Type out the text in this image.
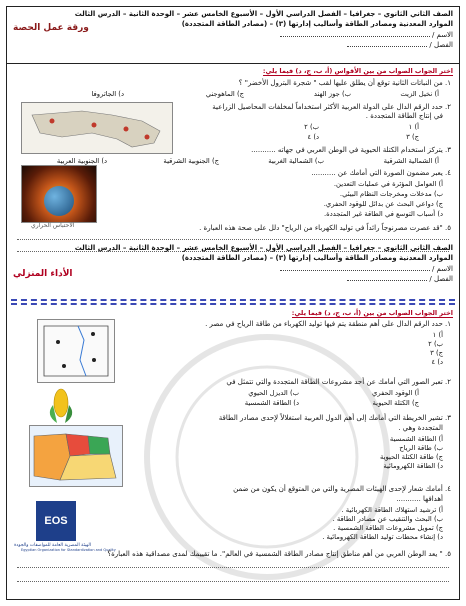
الصف الثاني الثانوي – جغرافيا – الفصل الدراسي الأول – الأسبوع الخامس عشر – الوحدة الثانية – الدرس الثالث
الموارد المعدنية ومصادر الطاقة وأساليب إدارتها (٣) – (مصادر الطاقة المتجددة)
الاسم /
الفصل /
ورقة عمل الحصة
اختر الجواب الصواب من بين الأقواس (أ، ب، ج، د) فيما يلي:
١. من النباتات الثانية توقع أن يطلق عليها لقب " شجرة البترول الأخضر" ؟
أ) نخيل الزيت
ب) جوز الهند
ج) الماهوجني
د) الجاتروفا
٢. حدد الرقم الدال على الدولة العربية الأكثر استخداماً لمخلفات المحاصيل الزراعية
في إنتاج الطاقة المتجددة .
أ) ١
ب) ٢
ج) ٣
د) ٤
٣. يتركز استخدام الكتلة الحيوية في الوطن العربي في جهاته ...........
أ) الشمالية الشرقية
ب) الشمالية الغربية
ج) الجنوبية الشرقية
د) الجنوبية العربية
الاحتباس الحراري
٤. يعبر مضمون الصورة التي أمامك عن ...........
أ) العوامل المؤثرة في عمليات التعدين.
ب) مدخلات ومخرجات النظام البيئي.
ج) دواعي البحث عن بدائل للوقود الحفري.
د) أسباب التوسع في الطاقة غير المتجددة.
٥. "قد عصرت مصرنوجاً رائداً في توليد الكهرباء من الرياح" دلل على صحة هذه العبارة .
الصف الثاني الثانوي – جغرافيا – الفصل الدراسي الأول – الأسبوع الخامس عشر – الوحدة الثانية – الدرس الثالث
الموارد المعدنية ومصادر الطاقة وأساليب إدارتها (٣) – (مصادر الطاقة المتجددة)
الاسم /
الفصل /
الأداء المنزلي
اختر الجواب الصواب من بين (أ، ب، ج، د) فيما يلي:
١. حدد الرقم الدال على أهم منطقة يتم فيها توليد الكهرباء من طاقة الرياح في مصر .
أ) ١
ب) ٢
ج) ٣
د) ٤
٢. تعبر الصور التي أمامك عن أحد مشروعات الطاقة المتجددة والتي تتمثل في
أ) الوقود الحفري
ب) الديزل الحيوي
ج) الكتلة الحيوية
د) الطاقة الشمسية
٣. تشير الخريطة التي أمامك إلى أهم الدول العربية استغلالاً لإحدى مصادر الطاقة
المتجددة وهي .
أ) الطاقة الشمسية
ب) طاقة الرياح
ج) طاقة الكتلة الحيوية
د) الطاقة الكهرومائية
EOS
الهيئة المصرية العامة للمواصفات والجودة
Egyptian Organization for Standardization and Quality
٤. أمامك شعار لإحدى الهيئات المصرية والتي من المتوقع أن يكون من ضمن
أهدافها ...........
أ) ترشيد استهلاك الطاقة الكهربائية .
ب) البحث والتنقيب عن مصادر الطاقة .
ج) تمويل مشروعات الطاقة الشمسية .
د) إنشاء محطات توليد الطاقة الكهرومائية .
٥. " يعد الوطن العربي من أهم مناطق إنتاج مصادر الطاقة الشمسية في العالم". ما تقييمك لمدى مصداقية هذه العبارة؟
